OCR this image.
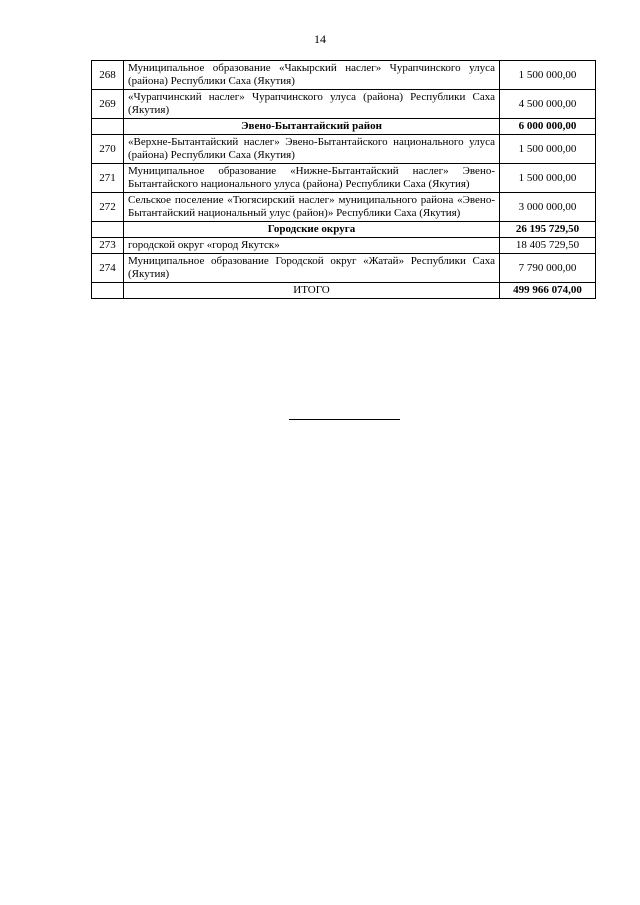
14
268	Муниципальное образование «Чакырский наслег» Чурапчинского улуса (района) Республики Саха (Якутия)	1 500 000,00
269	«Чурапчинский наслег» Чурапчинского улуса (района) Республики Саха (Якутия)	4 500 000,00
	Эвено-Бытантайский район	6 000 000,00
270	«Верхне-Бытантайский наслег» Эвено-Бытантайского национального улуса (района) Республики Саха (Якутия)	1 500 000,00
271	Муниципальное образование «Нижне-Бытантайский наслег» Эвено-Бытантайского национального улуса (района) Республики Саха (Якутия)	1 500 000,00
272	Сельское поселение «Тюгясирский наслег» муниципального района «Эвено-Бытантайский национальный улус (район)» Республики Саха (Якутия)	3 000 000,00
	Городские округа	26 195 729,50
273	городской округ «город Якутск»	18 405 729,50
274	Муниципальное образование Городской округ «Жатай» Республики Саха (Якутия)	7 790 000,00
	ИТОГО	499 966 074,00
